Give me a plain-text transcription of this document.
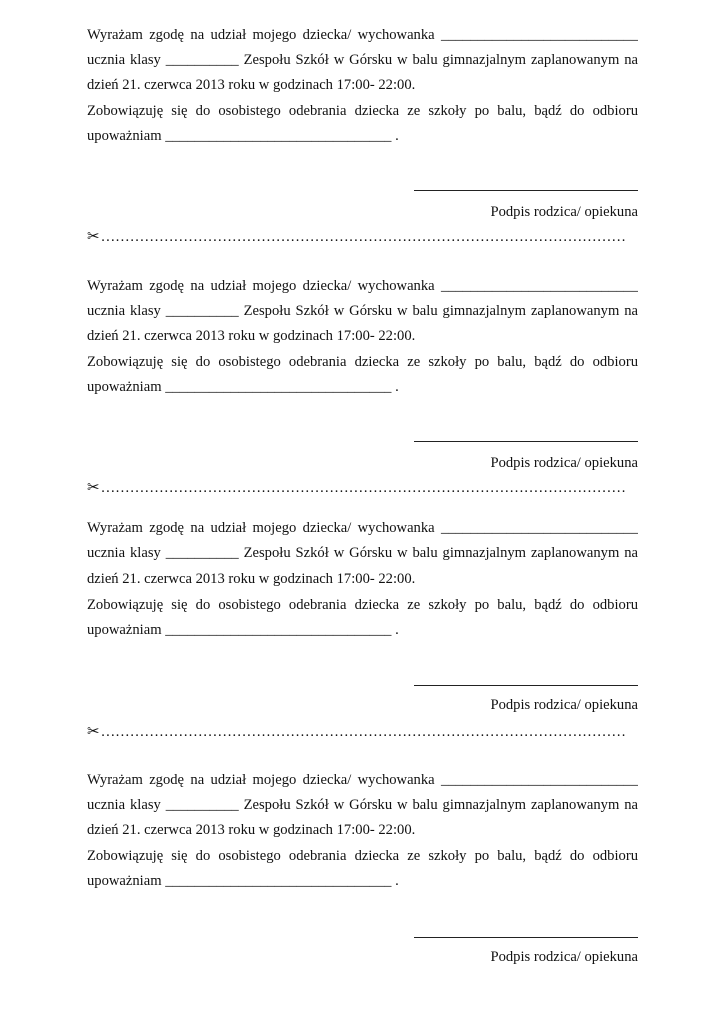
Wyrażam zgodę na udział mojego dziecka/ wychowanka ___________________________
ucznia klasy __________ Zespołu Szkół w Górsku w balu gimnazjalnym zaplanowanym na
dzień 21. czerwca 2013 roku w godzinach 17:00- 22:00.
Zobowiązuję się do osobistego odebrania dziecka ze szkoły po balu, bądź do odbioru
upoważniam _______________________________ .
Podpis rodzica/ opiekuna
✂………………………………………………………………………………………………
Wyrażam zgodę na udział mojego dziecka/ wychowanka ___________________________
ucznia klasy __________ Zespołu Szkół w Górsku w balu gimnazjalnym zaplanowanym na
dzień 21. czerwca 2013 roku w godzinach 17:00- 22:00.
Zobowiązuję się do osobistego odebrania dziecka ze szkoły po balu, bądź do odbioru
upoważniam _______________________________ .
Podpis rodzica/ opiekuna
✂………………………………………………………………………………………………
Wyrażam zgodę na udział mojego dziecka/ wychowanka ___________________________
ucznia klasy __________ Zespołu Szkół w Górsku w balu gimnazjalnym zaplanowanym na
dzień 21. czerwca 2013 roku w godzinach 17:00- 22:00.
Zobowiązuję się do osobistego odebrania dziecka ze szkoły po balu, bądź do odbioru
upoważniam _______________________________ .
Podpis rodzica/ opiekuna
✂………………………………………………………………………………………………
Wyrażam zgodę na udział mojego dziecka/ wychowanka ___________________________
ucznia klasy __________ Zespołu Szkół w Górsku w balu gimnazjalnym zaplanowanym na
dzień 21. czerwca 2013 roku w godzinach 17:00- 22:00.
Zobowiązuję się do osobistego odebrania dziecka ze szkoły po balu, bądź do odbioru
upoważniam _______________________________ .
Podpis rodzica/ opiekuna
